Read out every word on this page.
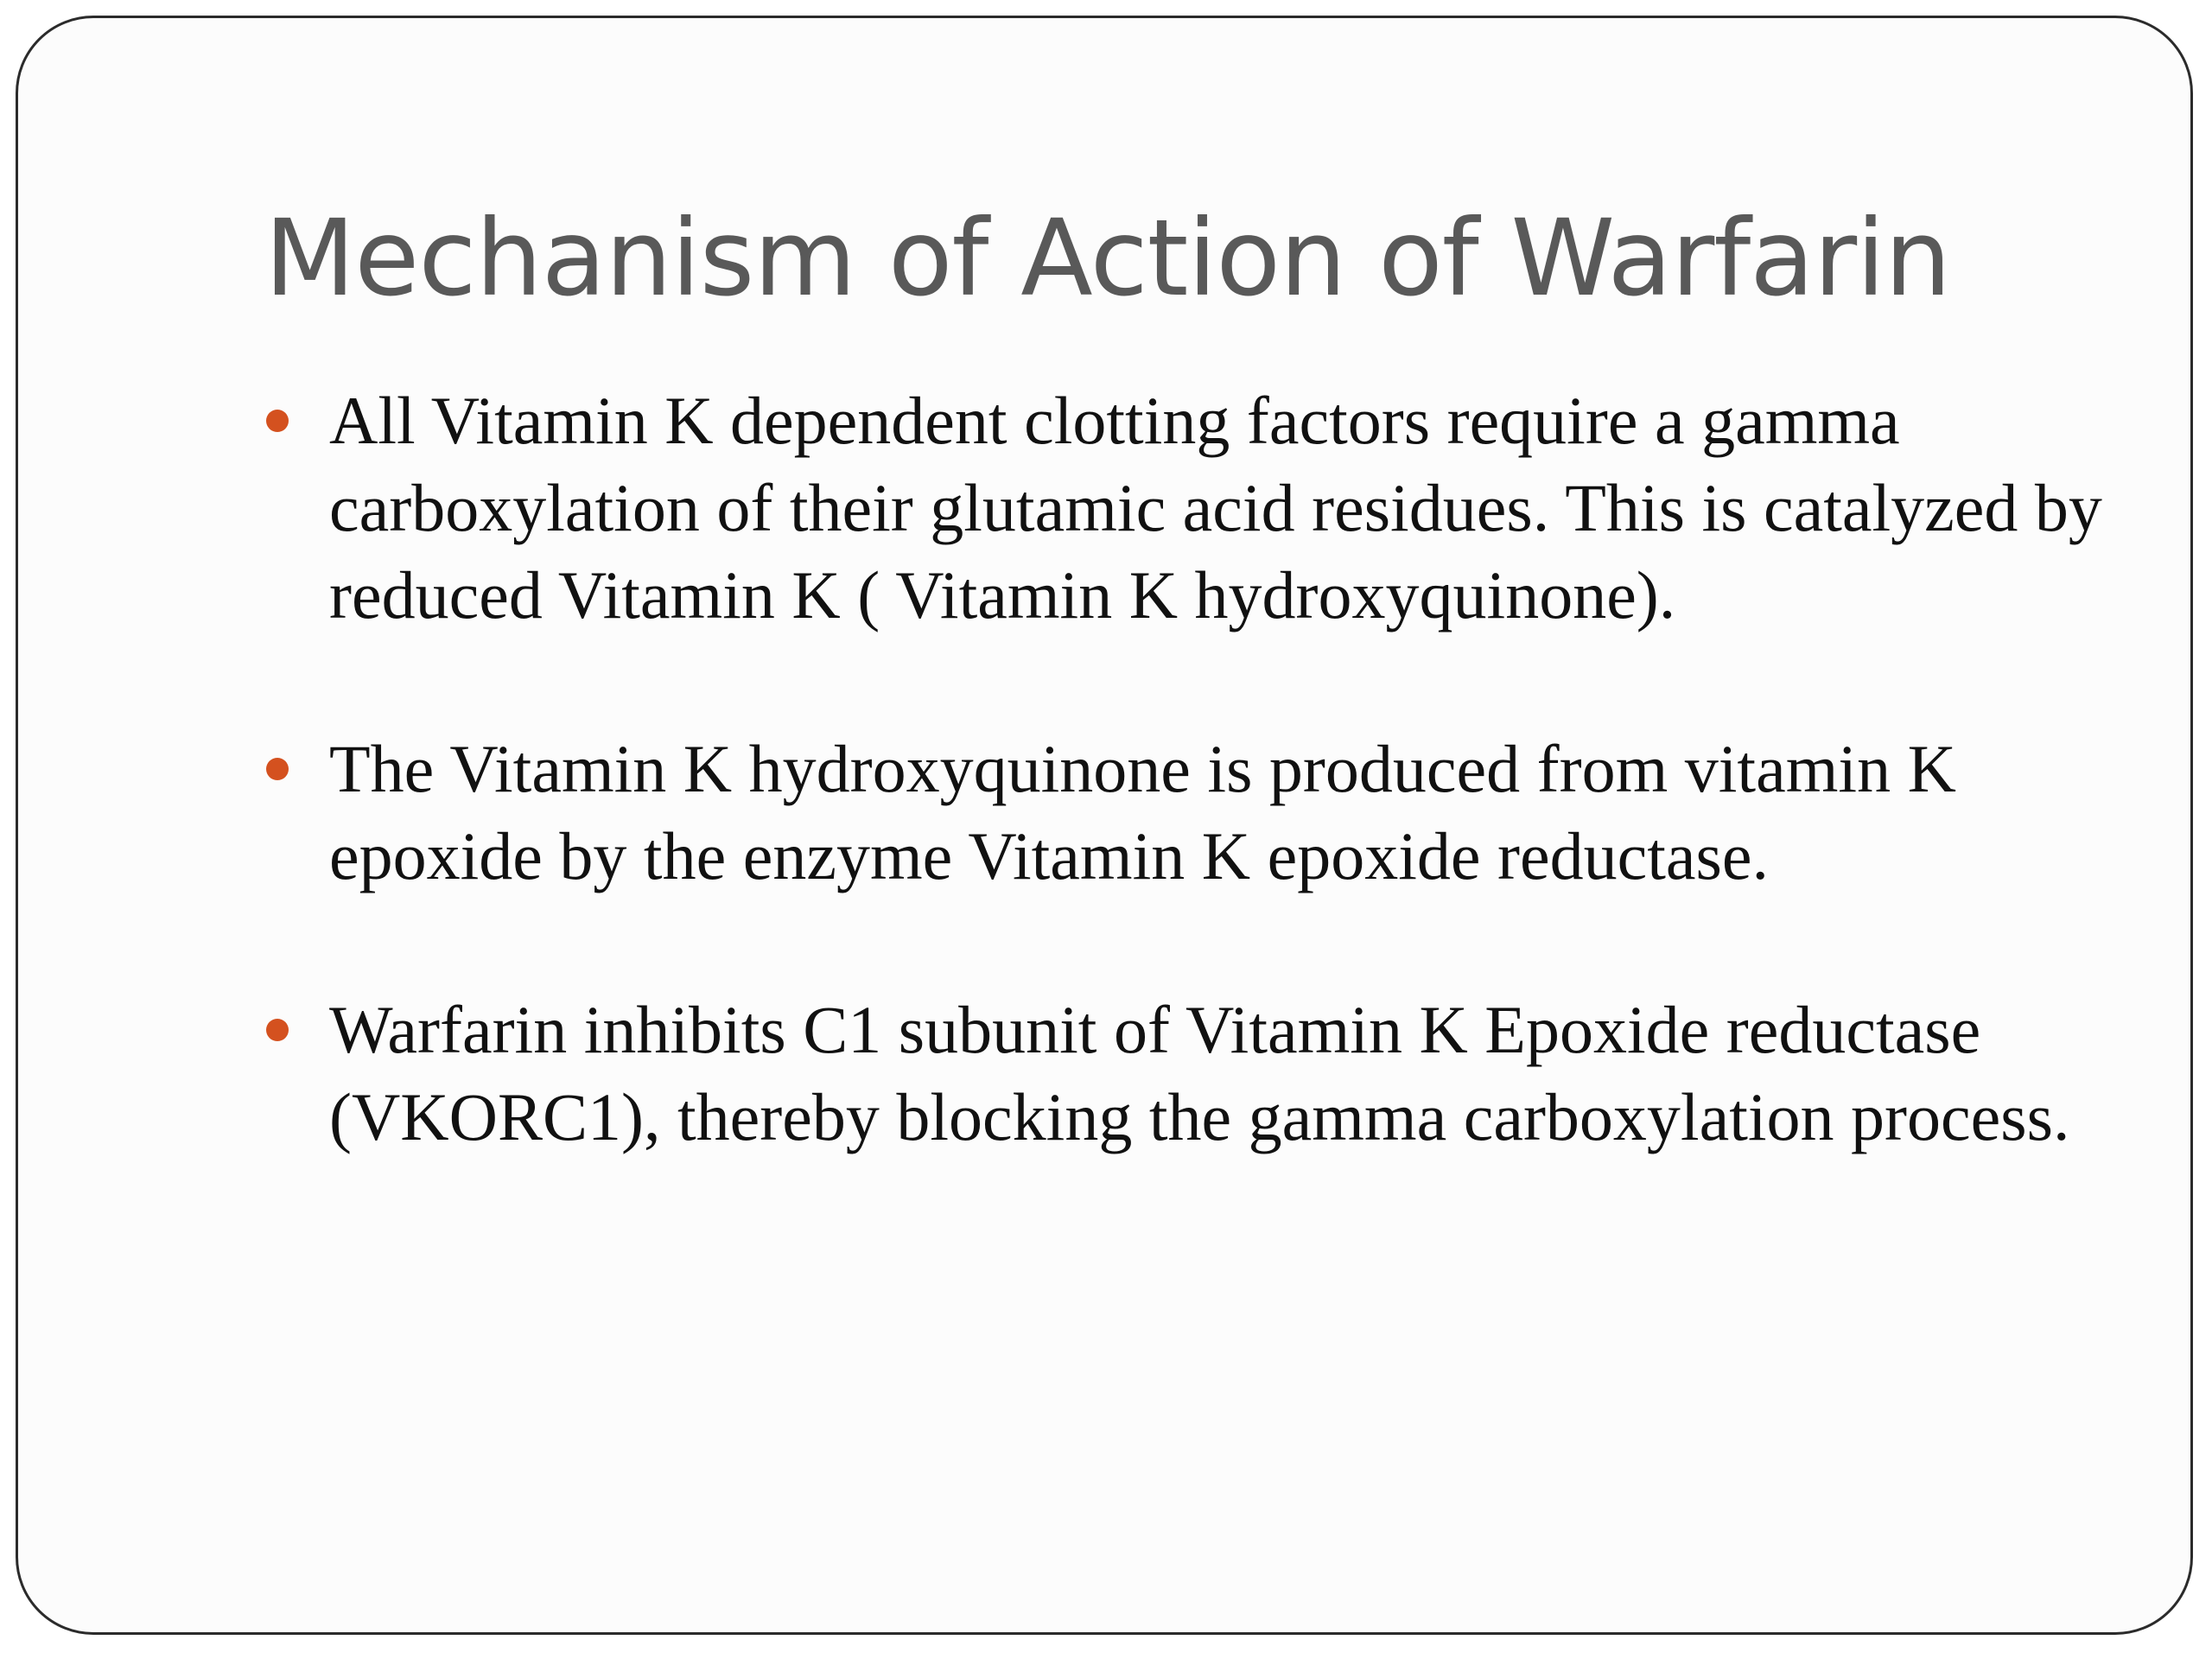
Mechanism of Action of Warfarin
All Vitamin K dependent clotting factors require a gamma carboxylation of their glutamic acid residues. This is catalyzed by reduced Vitamin K ( Vitamin K hydroxyquinone).
The Vitamin K hydroxyquinone is produced from vitamin K epoxide by the enzyme Vitamin K epoxide reductase.
Warfarin inhibits C1 subunit of Vitamin K Epoxide reductase (VKORC1), thereby blocking the gamma carboxylation process.
